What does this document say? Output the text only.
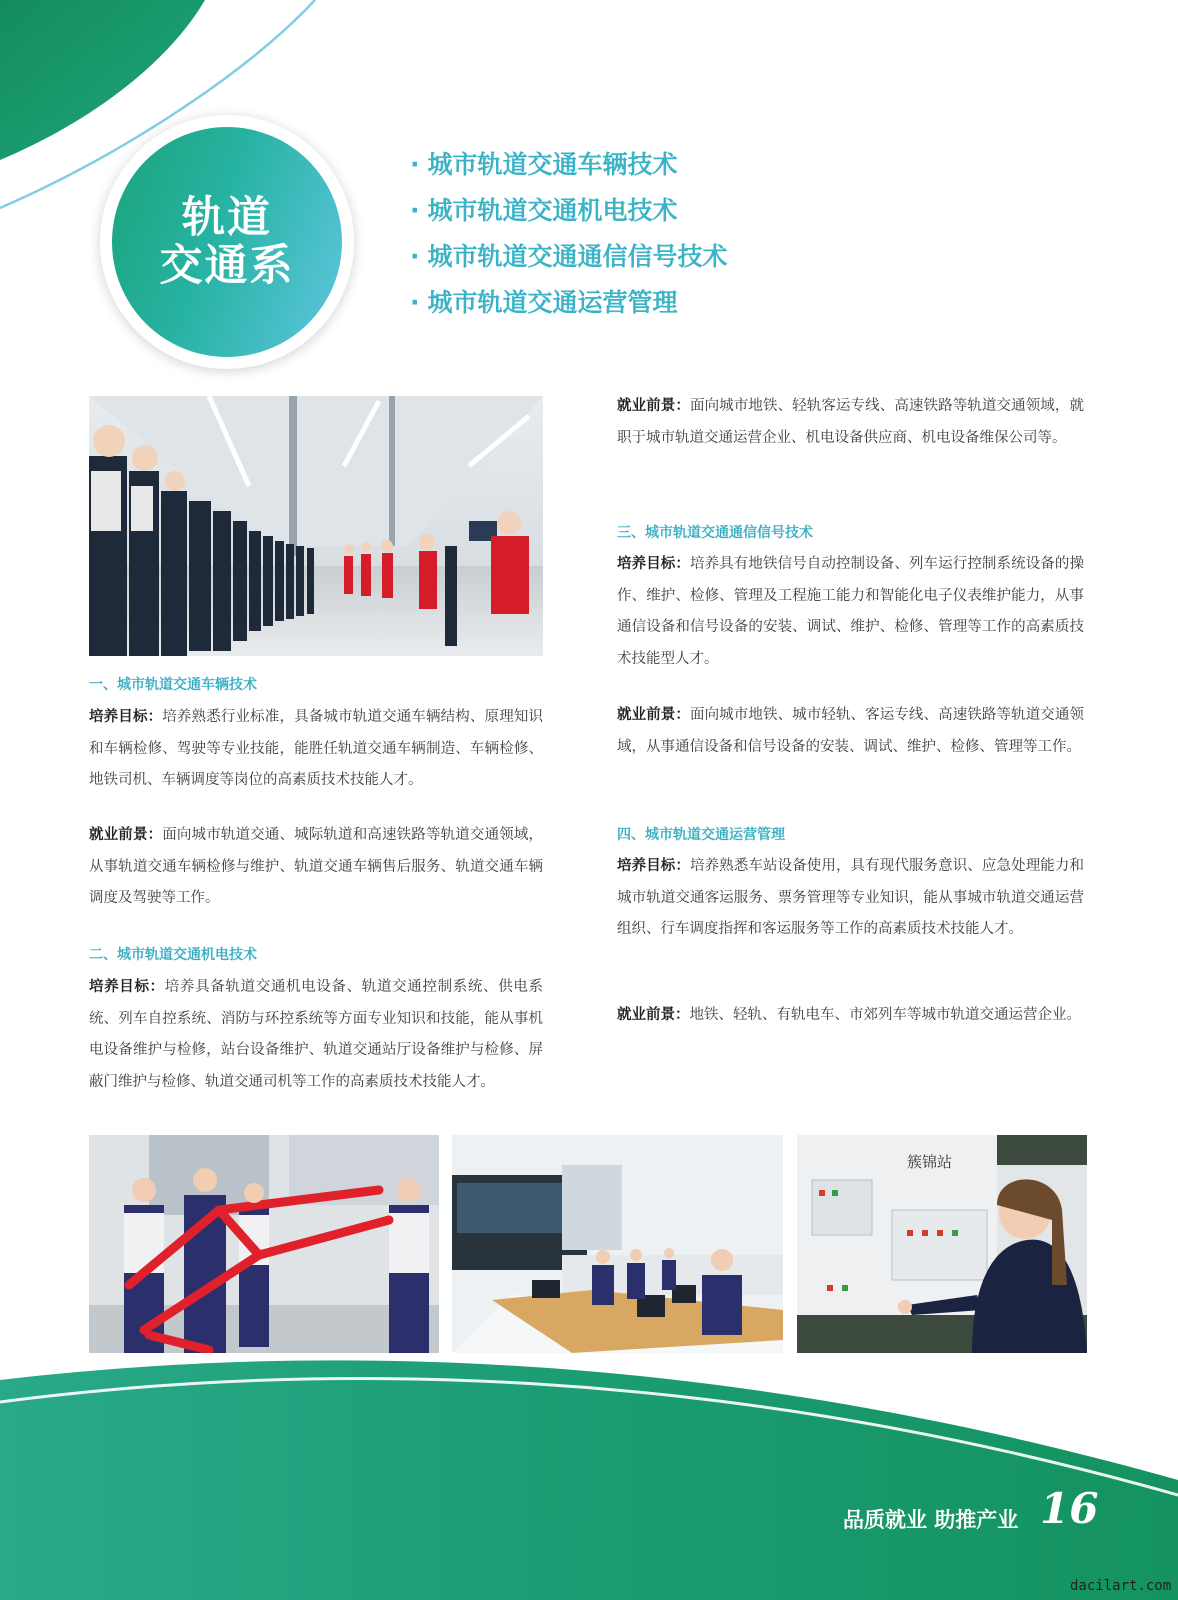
轨道
交通系
· 城市轨道交通车辆技术
· 城市轨道交通机电技术
· 城市轨道交通通信信号技术
· 城市轨道交通运营管理
一、城市轨道交通车辆技术
培养目标：培养熟悉行业标准，具备城市轨道交通车辆结构、原理知识和车辆检修、驾驶等专业技能，能胜任轨道交通车辆制造、车辆检修、地铁司机、车辆调度等岗位的高素质技术技能人才。
就业前景：面向城市轨道交通、城际轨道和高速铁路等轨道交通领域，从事轨道交通车辆检修与维护、轨道交通车辆售后服务、轨道交通车辆调度及驾驶等工作。
二、城市轨道交通机电技术
培养目标：培养具备轨道交通机电设备、轨道交通控制系统、供电系统、列车自控系统、消防与环控系统等方面专业知识和技能，能从事机电设备维护与检修，站台设备维护、轨道交通站厅设备维护与检修、屏蔽门维护与检修、轨道交通司机等工作的高素质技术技能人才。
就业前景：面向城市地铁、轻轨客运专线、高速铁路等轨道交通领域，就职于城市轨道交通运营企业、机电设备供应商、机电设备维保公司等。
三、城市轨道交通通信信号技术
培养目标：培养具有地铁信号自动控制设备、列车运行控制系统设备的操作、维护、检修、管理及工程施工能力和智能化电子仪表维护能力，从事通信设备和信号设备的安装、调试、维护、检修、管理等工作的高素质技术技能型人才。
就业前景：面向城市地铁、城市轻轨、客运专线、高速铁路等轨道交通领域，从事通信设备和信号设备的安装、调试、维护、检修、管理等工作。
四、城市轨道交通运营管理
培养目标：培养熟悉车站设备使用，具有现代服务意识、应急处理能力和城市轨道交通客运服务、票务管理等专业知识，能从事城市轨道交通运营组织、行车调度指挥和客运服务等工作的高素质技术技能人才。
就业前景：地铁、轻轨、有轨电车、市郊列车等城市轨道交通运营企业。
簇锦站
品质就业 助推产业 16
dacilart.com
